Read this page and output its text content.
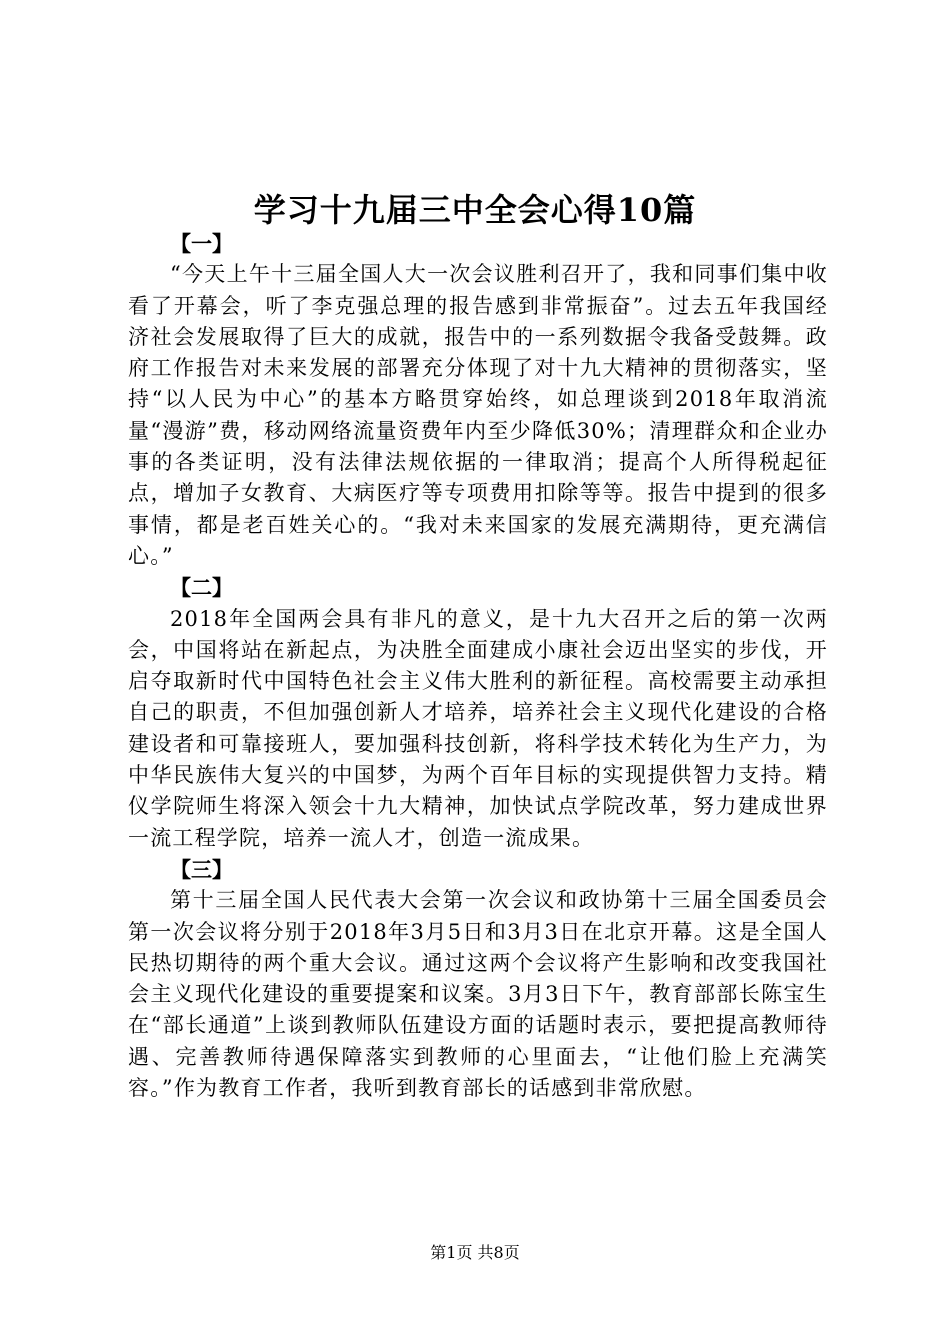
学习十九届三中全会心得10篇

【一】

“今天上午十三届全国人大一次会议胜利召开了，我和同事们集中收看了开幕会，听了李克强总理的报告感到非常振奋”。过去五年我国经济社会发展取得了巨大的成就，报告中的一系列数据令我备受鼓舞。政府工作报告对未来发展的部署充分体现了对十九大精神的贯彻落实，坚持“以人民为中心”的基本方略贯穿始终，如总理谈到2018年取消流量“漫游”费，移动网络流量资费年内至少降低30%；清理群众和企业办事的各类证明，没有法律法规依据的一律取消；提高个人所得税起征点，增加子女教育、大病医疗等专项费用扣除等等。报告中提到的很多事情，都是老百姓关心的。“我对未来国家的发展充满期待，更充满信心。”

【二】

2018年全国两会具有非凡的意义，是十九大召开之后的第一次两会，中国将站在新起点，为决胜全面建成小康社会迈出坚实的步伐，开启夺取新时代中国特色社会主义伟大胜利的新征程。高校需要主动承担自己的职责，不但加强创新人才培养，培养社会主义现代化建设的合格建设者和可靠接班人，要加强科技创新，将科学技术转化为生产力，为中华民族伟大复兴的中国梦，为两个百年目标的实现提供智力支持。精仪学院师生将深入领会十九大精神，加快试点学院改革，努力建成世界一流工程学院，培养一流人才，创造一流成果。

【三】

第十三届全国人民代表大会第一次会议和政协第十三届全国委员会第一次会议将分别于2018年3月5日和3月3日在北京开幕。这是全国人民热切期待的两个重大会议。通过这两个会议将产生影响和改变我国社会主义现代化建设的重要提案和议案。3月3日下午，教育部部长陈宝生在“部长通道”上谈到教师队伍建设方面的话题时表示，要把提高教师待遇、完善教师待遇保障落实到教师的心里面去，“让他们脸上充满笑容。”作为教育工作者，我听到教育部长的话感到非常欣慰。

第1页 共8页
